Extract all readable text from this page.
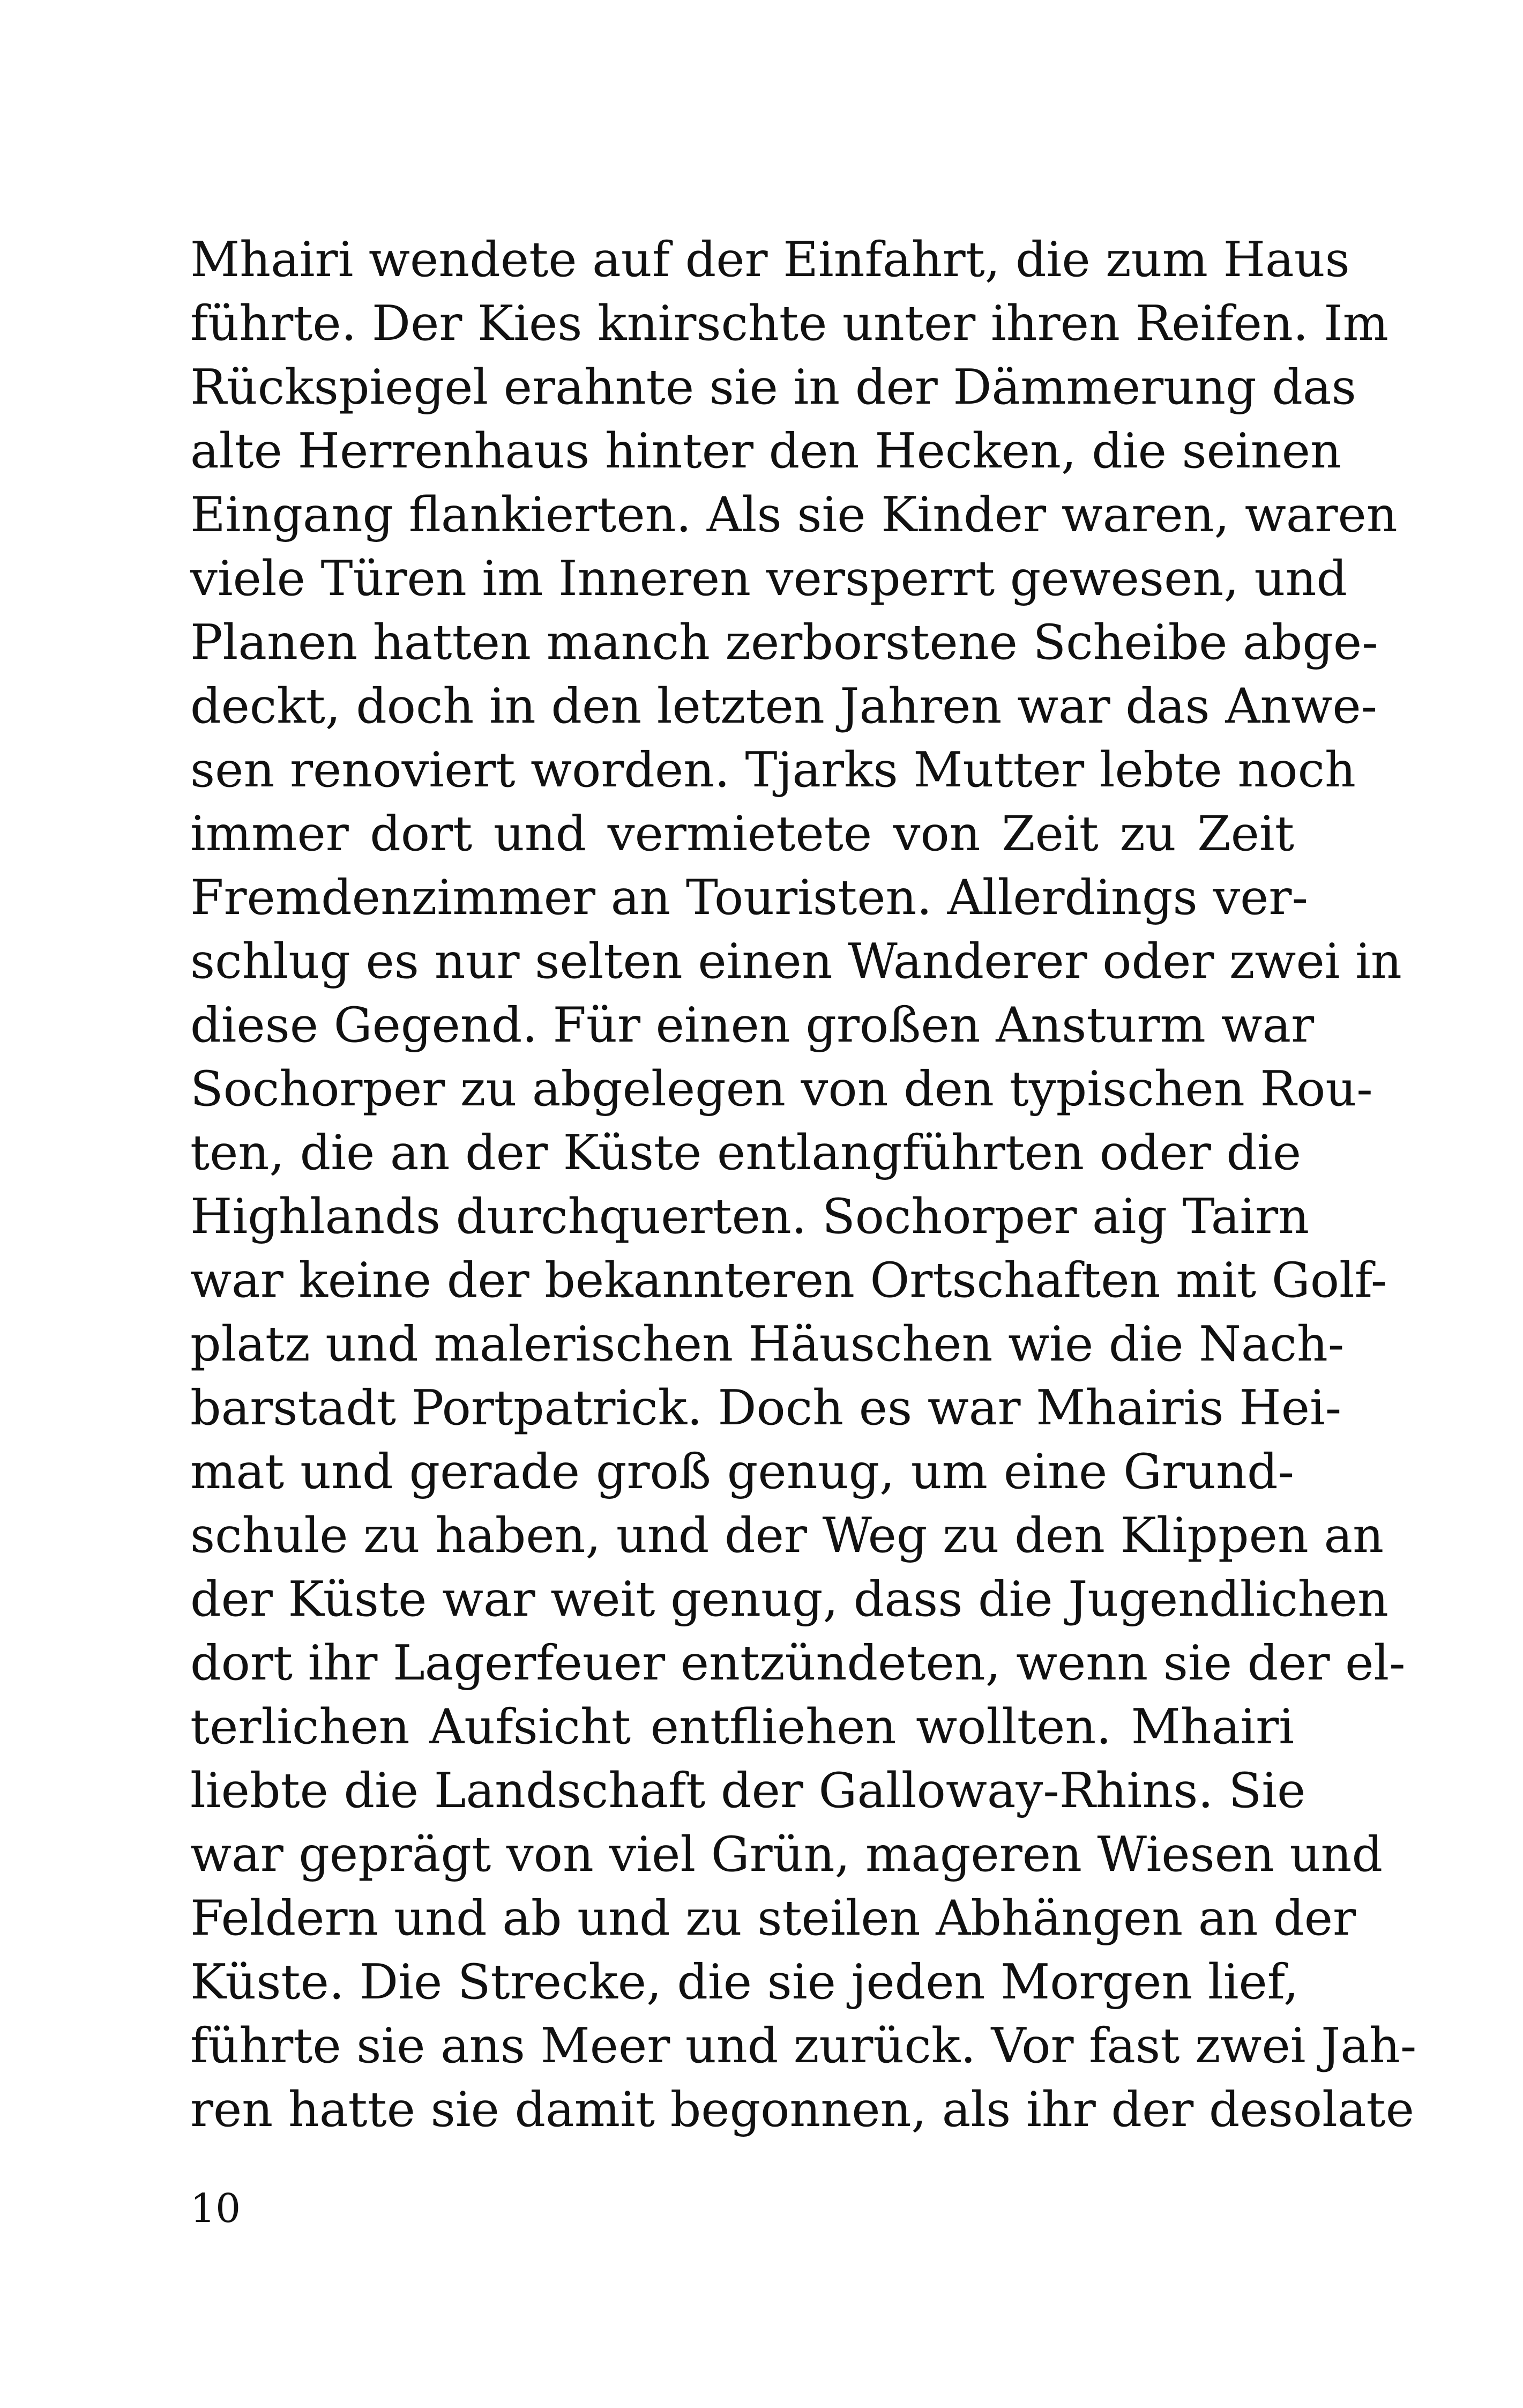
Mhairi wendete auf der Einfahrt, die zum Haus
führte. Der Kies knirschte unter ihren Reifen. Im
Rückspiegel erahnte sie in der Dämmerung das
alte Herrenhaus hinter den Hecken, die seinen
Eingang flankierten. Als sie Kinder waren, waren
viele Türen im Inneren versperrt gewesen, und
Planen hatten manch zerborstene Scheibe abge-
deckt, doch in den letzten Jahren war das Anwe-
sen renoviert worden. Tjarks Mutter lebte noch
immer dort und vermietete von Zeit zu Zeit
Fremdenzimmer an Touristen. Allerdings ver-
schlug es nur selten einen Wanderer oder zwei in
diese Gegend. Für einen großen Ansturm war
Sochorper zu abgelegen von den typischen Rou-
ten, die an der Küste entlangführten oder die
Highlands durchquerten. Sochorper aig Tairn
war keine der bekannteren Ortschaften mit Golf-
platz und malerischen Häuschen wie die Nach-
barstadt Portpatrick. Doch es war Mhairis Hei-
mat und gerade groß genug, um eine Grund-
schule zu haben, und der Weg zu den Klippen an
der Küste war weit genug, dass die Jugendlichen
dort ihr Lagerfeuer entzündeten, wenn sie der el-
terlichen Aufsicht entfliehen wollten. Mhairi
liebte die Landschaft der Galloway-Rhins. Sie
war geprägt von viel Grün, mageren Wiesen und
Feldern und ab und zu steilen Abhängen an der
Küste. Die Strecke, die sie jeden Morgen lief,
führte sie ans Meer und zurück. Vor fast zwei Jah-
ren hatte sie damit begonnen, als ihr der desolate
10
